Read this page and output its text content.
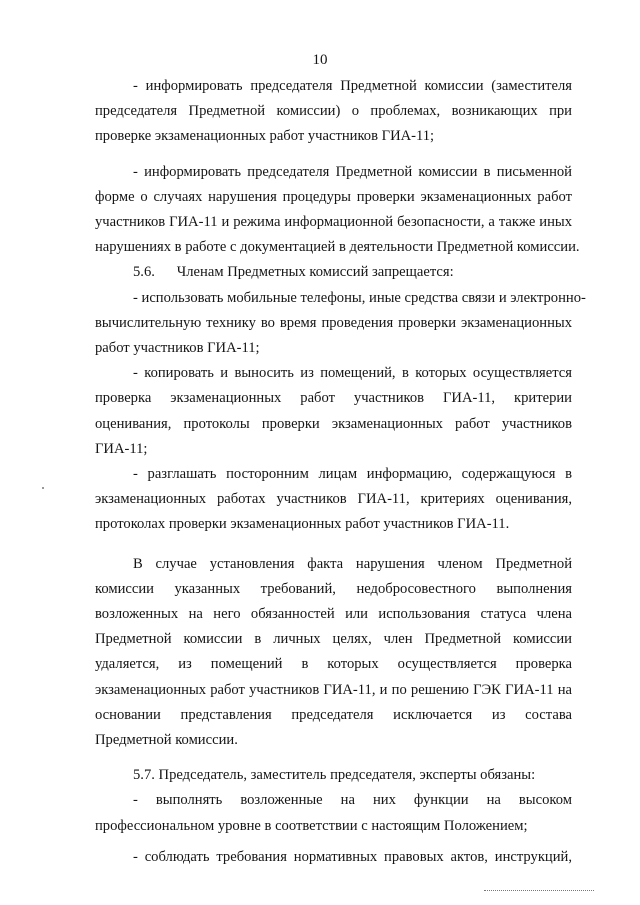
10
- информировать председателя Предметной комиссии (заместителя
председателя Предметной комиссии) о проблемах, возникающих при
проверке экзаменационных работ участников ГИА-11;
- информировать председателя Предметной комиссии в письменной
форме о случаях нарушения процедуры проверки экзаменационных работ
участников ГИА-11 и режима информационной безопасности, а также иных
нарушениях в работе с документацией в деятельности Предметной комиссии.
5.6.      Членам Предметных комиссий запрещается:
- использовать мобильные телефоны, иные средства связи и электронно-
вычислительную технику во время проведения проверки экзаменационных
работ участников ГИА-11;
- копировать и выносить из помещений, в которых осуществляется
проверка экзаменационных работ участников ГИА-11, критерии
оценивания, протоколы проверки экзаменационных работ участников
ГИА-11;
- разглашать посторонним лицам информацию, содержащуюся в
экзаменационных работах участников ГИА-11, критериях оценивания,
протоколах проверки экзаменационных работ участников ГИА-11.
В случае установления факта нарушения членом Предметной
комиссии указанных требований, недобросовестного выполнения
возложенных на него обязанностей или использования статуса члена
Предметной комиссии в личных целях, член Предметной комиссии
удаляется, из помещений в которых осуществляется проверка
экзаменационных работ участников ГИА-11, и по решению ГЭК ГИА-11 на
основании представления председателя исключается из состава
Предметной комиссии.
5.7. Председатель, заместитель председателя, эксперты обязаны:
- выполнять возложенные на них функции на высоком
профессиональном уровне в соответствии с настоящим Положением;
- соблюдать требования нормативных правовых актов, инструкций,
